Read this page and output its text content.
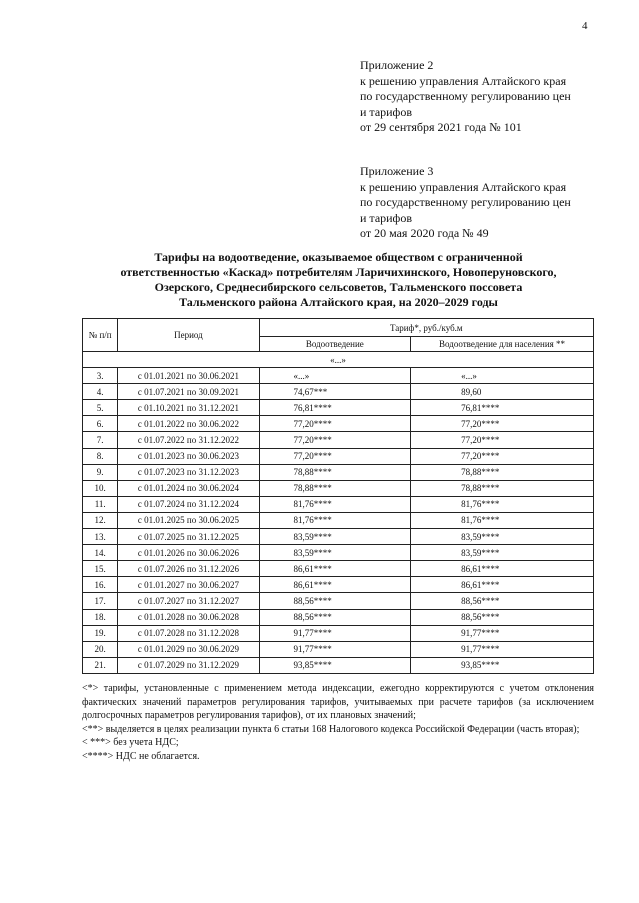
4
Приложение 2
к решению управления Алтайского края
по государственному регулированию цен
и тарифов
от 29 сентября 2021 года № 101
Приложение 3
к решению управления Алтайского края
по государственному регулированию цен
и тарифов
от 20 мая 2020 года № 49
Тарифы на водоотведение, оказываемое обществом с ограниченной
ответственностью «Каскад» потребителям Ларичихинского, Новоперуновского,
Озерского, Среднесибирского сельсоветов, Тальменского поссовета
Тальменского района Алтайского края, на 2020–2029 годы
№ п/п	Период	Тариф*, руб./куб.м	
		Водоотведение	Водоотведение для населения **
«...»			
3.	с 01.01.2021 по 30.06.2021	«...»	«...»
4.	с 01.07.2021 по 30.09.2021	74,67***	89,60
5.	с 01.10.2021 по 31.12.2021	76,81****	76,81****
6.	с 01.01.2022 по 30.06.2022	77,20****	77,20****
7.	с 01.07.2022 по 31.12.2022	77,20****	77,20****
8.	с 01.01.2023 по 30.06.2023	77,20****	77,20****
9.	с 01.07.2023 по 31.12.2023	78,88****	78,88****
10.	с 01.01.2024 по 30.06.2024	78,88****	78,88****
11.	с 01.07.2024 по 31.12.2024	81,76****	81,76****
12.	с 01.01.2025 по 30.06.2025	81,76****	81,76****
13.	с 01.07.2025 по 31.12.2025	83,59****	83,59****
14.	с 01.01.2026 по 30.06.2026	83,59****	83,59****
15.	с 01.07.2026 по 31.12.2026	86,61****	86,61****
16.	с 01.01.2027 по 30.06.2027	86,61****	86,61****
17.	с 01.07.2027 по 31.12.2027	88,56****	88,56****
18.	с 01.01.2028 по 30.06.2028	88,56****	88,56****
19.	с 01.07.2028 по 31.12.2028	91,77****	91,77****
20.	с 01.01.2029 по 30.06.2029	91,77****	91,77****
21.	с 01.07.2029 по 31.12.2029	93,85****	93,85****

<*> тарифы, установленные с применением метода индексации, ежегодно корректируются с учетом отклонения фактических значений параметров регулирования тарифов, учитываемых при расчете тарифов (за исключением долгосрочных параметров регулирования тарифов), от их плановых значений;

<**> выделяется в целях реализации пункта 6 статьи 168 Налогового кодекса Российской Федерации (часть вторая);

< ***> без учета НДС;

<****> НДС не облагается.
